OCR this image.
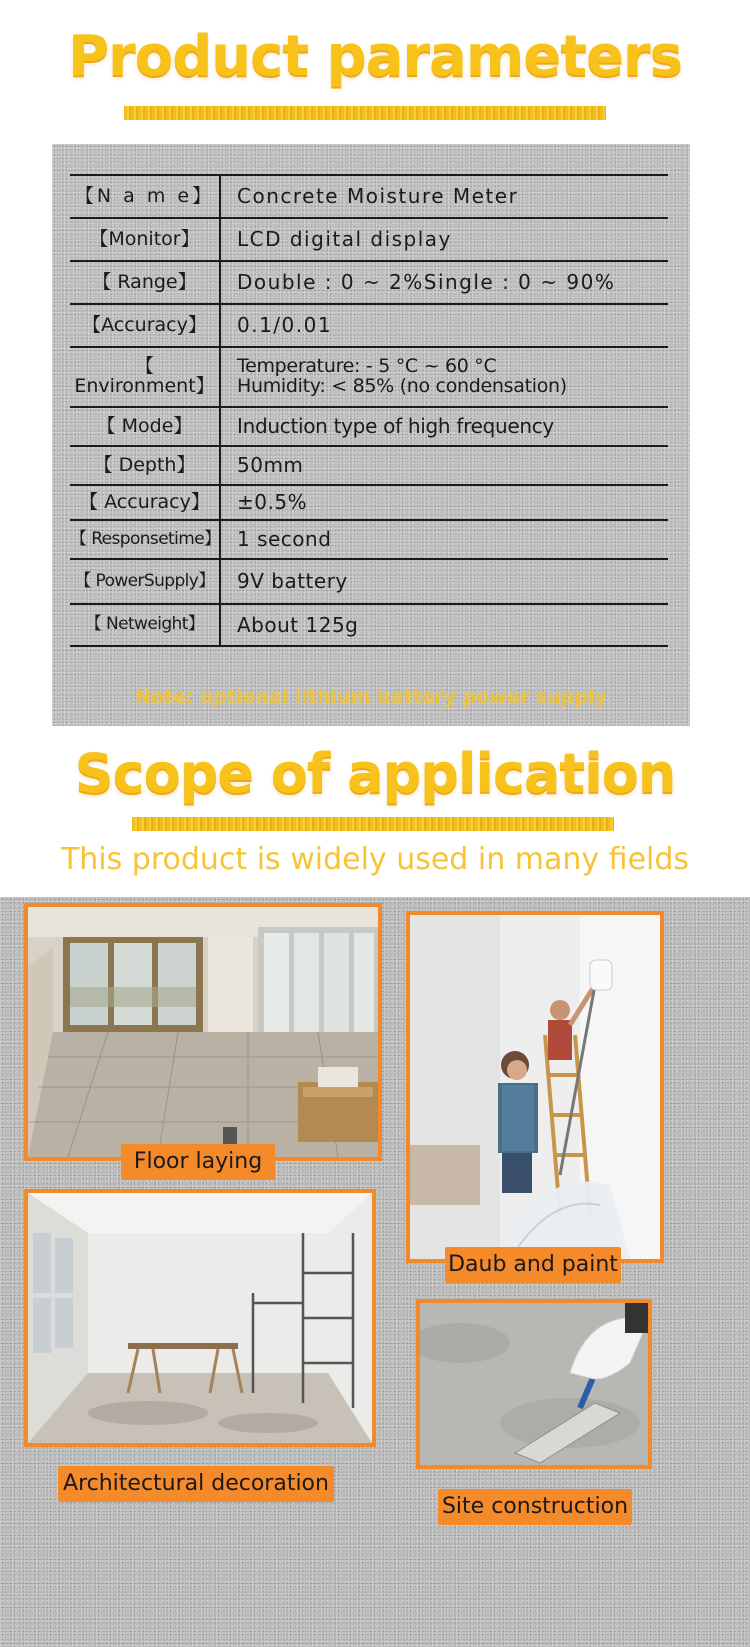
Product parameters
【N a m e】	Concrete Moisture Meter
【Monitor】	LCD digital display
【 Range】	Double : 0 ~ 2%Single : 0 ~ 90%
【Accuracy】	0.1/0.01
【 Environment】	Temperature: - 5 °C ~ 60 °C
Humidity: < 85% (no condensation)

【 Mode】	Induction type of high frequency
【 Depth】	50mm
【 Accuracy】	±0.5%
【 Responsetime】	1 second
【 PowerSupply】	9V battery
【 Netweight】	About 125g
Note: optional lithium battery power supply
Scope of application
This product is widely used in many fields
Floor laying
Daub and paint
Architectural decoration
Site construction
